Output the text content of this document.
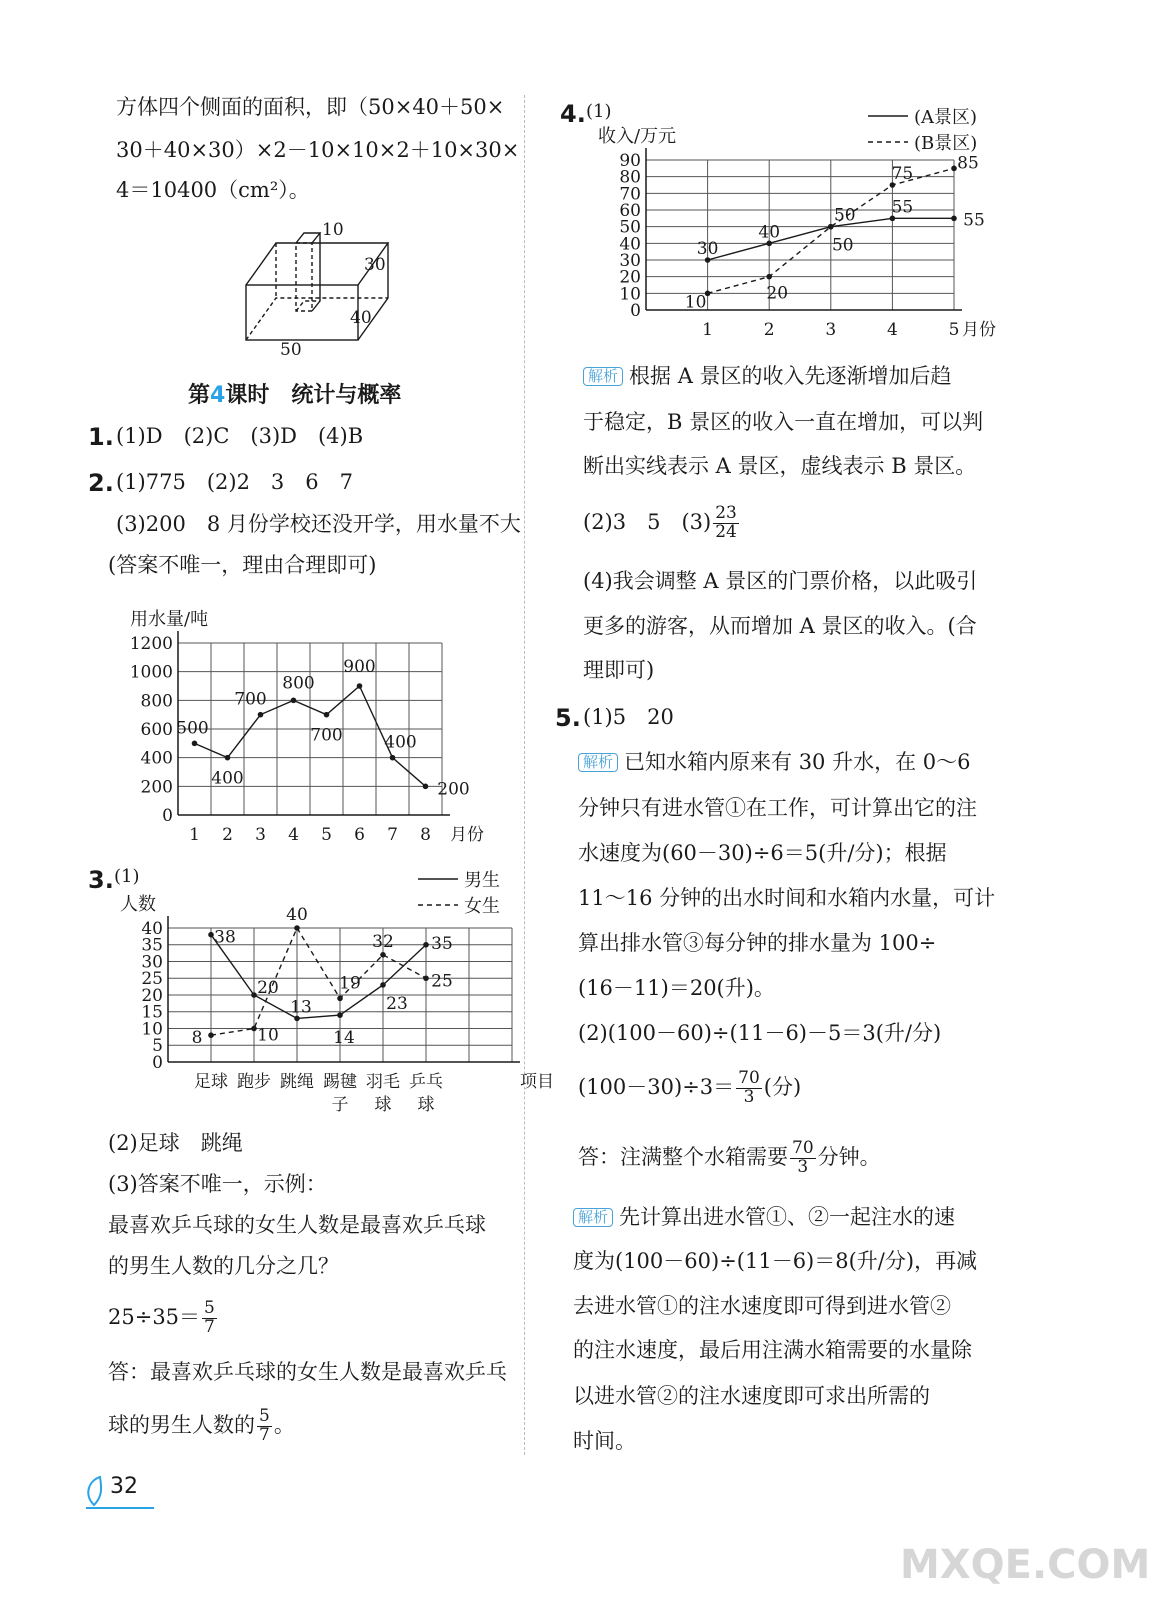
方体四个侧面的面积，即（50×40＋50×
30＋40×30）×2－10×10×2＋10×30×
4＝10400（cm²）。
10
30
40
50
第4课时　统计与概率
1. (1)D　(2)C　(3)D　(4)B
2. (1)775　(2)2　3　6　7
(3)200　8 月份学校还没开学，用水量不大
(答案不唯一，理由合理即可)
0
200
400
600
800
1000
1200
1 2 3 4 5 6 7 8 月份
用水量/吨
500
400
700
800
700
900
400
200
3. (1)
0
5
10
15
20
25
30
35
40
足球 跑步 跳绳 踢毽
子
羽毛
球
乒乓
球
项目
人数
38
20
13
14
23
35
8	10
40
19
32
25
男生
女生
(2)足球　跳绳
(3)答案不唯一，示例：
最喜欢乒乓球的女生人数是最喜欢乒乓球
的男生人数的几分之几？
$25\div 35= \frac{5}{7}$
答：最喜欢乒乓球的女生人数是最喜欢乒乓
球的男生人数的 $\frac{5}{7}$ 。
4. (1)
0
10
20
30
40
50
60
70
80
90
1	2	3	4	5 月份
收入/万元
30
40
50 55
55
10	20
50
75
85
(A景区)
(B景区)
解析 根据 A 景区的收入先逐渐增加后趋
于稳定，B 景区的收入一直在增加，可以判
断出实线表示 A 景区，虚线表示 B 景区。
(2)3　5　$(3) \frac{23}{24}$
(4)我会调整 A 景区的门票价格，以此吸引
更多的游客，从而增加 A 景区的收入。(合
理即可)
5. (1)5　20
解析 已知水箱内原来有 30 升水，在 0～6
分钟只有进水管①在工作，可计算出它的注
水速度为(60－30)÷6＝5(升/分)；根据
11～16 分钟的出水时间和水箱内水量，可计
算出排水管③每分钟的排水量为 100÷
(16－11)＝20(升)。
(2)(100－60)÷(11－6)－5＝3(升/分)
$(100-30)\div 3= \frac{70}{3}$ (分)
答：注满整个水箱需要 $\frac{70}{3}$ 分钟。
解析 先计算出进水管①、②一起注水的速
度为(100－60)÷(11－6)＝8(升/分)，再减
去进水管①的注水速度即可得到进水管②
的注水速度，最后用注满水箱需要的水量除
以进水管②的注水速度即可求出所需的
时间。
32
MXQE.COM
